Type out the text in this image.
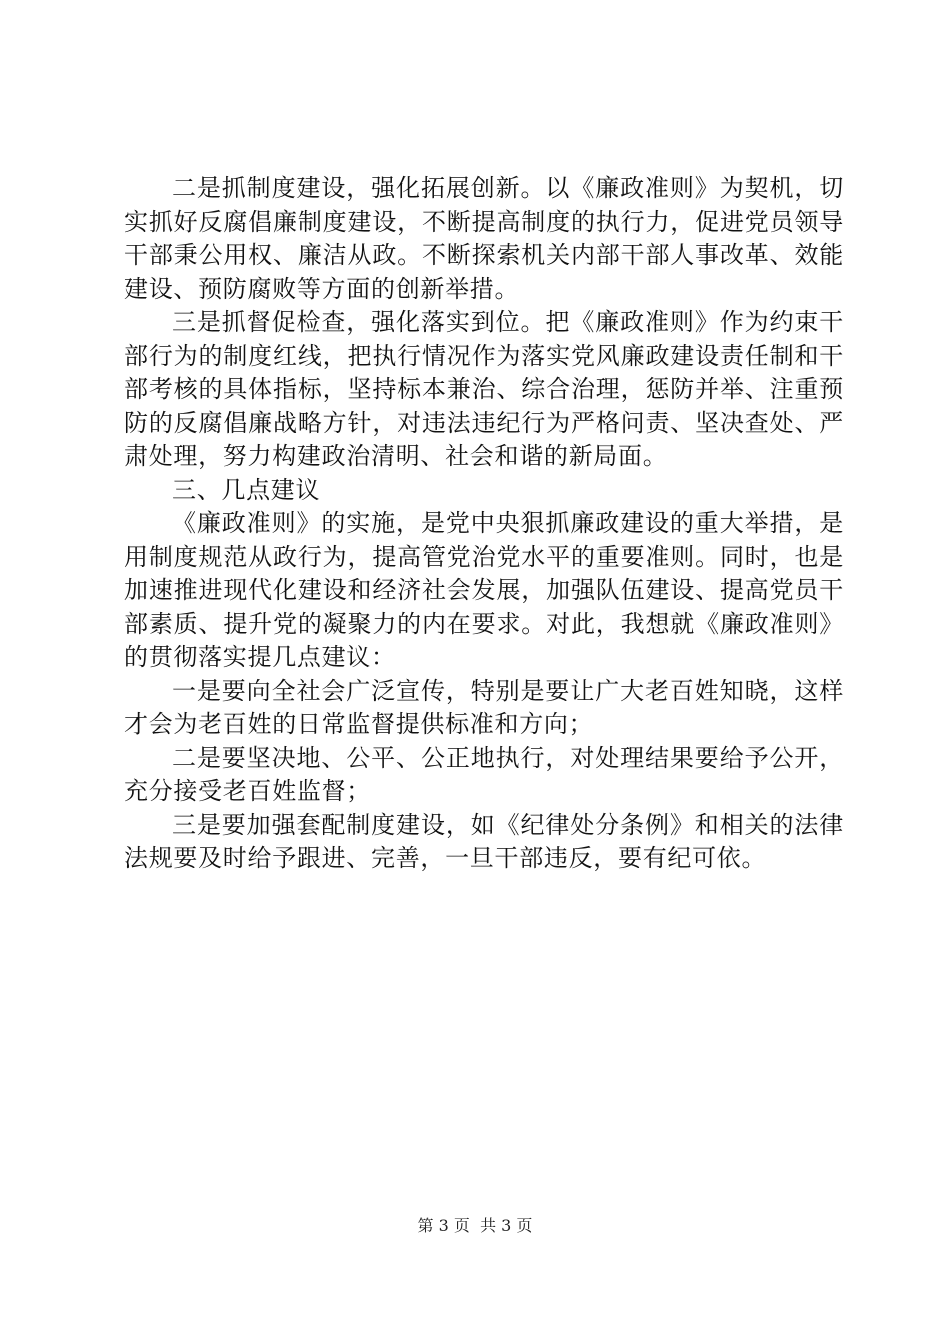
二是抓制度建设，强化拓展创新。以《廉政准则》为契机，切实抓好反腐倡廉制度建设，不断提高制度的执行力，促进党员领导干部秉公用权、廉洁从政。不断探索机关内部干部人事改革、效能建设、预防腐败等方面的创新举措。

三是抓督促检查，强化落实到位。把《廉政准则》作为约束干部行为的制度红线，把执行情况作为落实党风廉政建设责任制和干部考核的具体指标，坚持标本兼治、综合治理，惩防并举、注重预防的反腐倡廉战略方针，对违法违纪行为严格问责、坚决查处、严肃处理，努力构建政治清明、社会和谐的新局面。

三、几点建议

《廉政准则》的实施，是党中央狠抓廉政建设的重大举措，是用制度规范从政行为，提高管党治党水平的重要准则。同时，也是加速推进现代化建设和经济社会发展，加强队伍建设、提高党员干部素质、提升党的凝聚力的内在要求。对此，我想就《廉政准则》的贯彻落实提几点建议：

一是要向全社会广泛宣传，特别是要让广大老百姓知晓，这样才会为老百姓的日常监督提供标准和方向；

二是要坚决地、公平、公正地执行，对处理结果要给予公开，充分接受老百姓监督；

三是要加强套配制度建设，如《纪律处分条例》和相关的法律法规要及时给予跟进、完善，一旦干部违反，要有纪可依。

第 3 页  共 3 页
